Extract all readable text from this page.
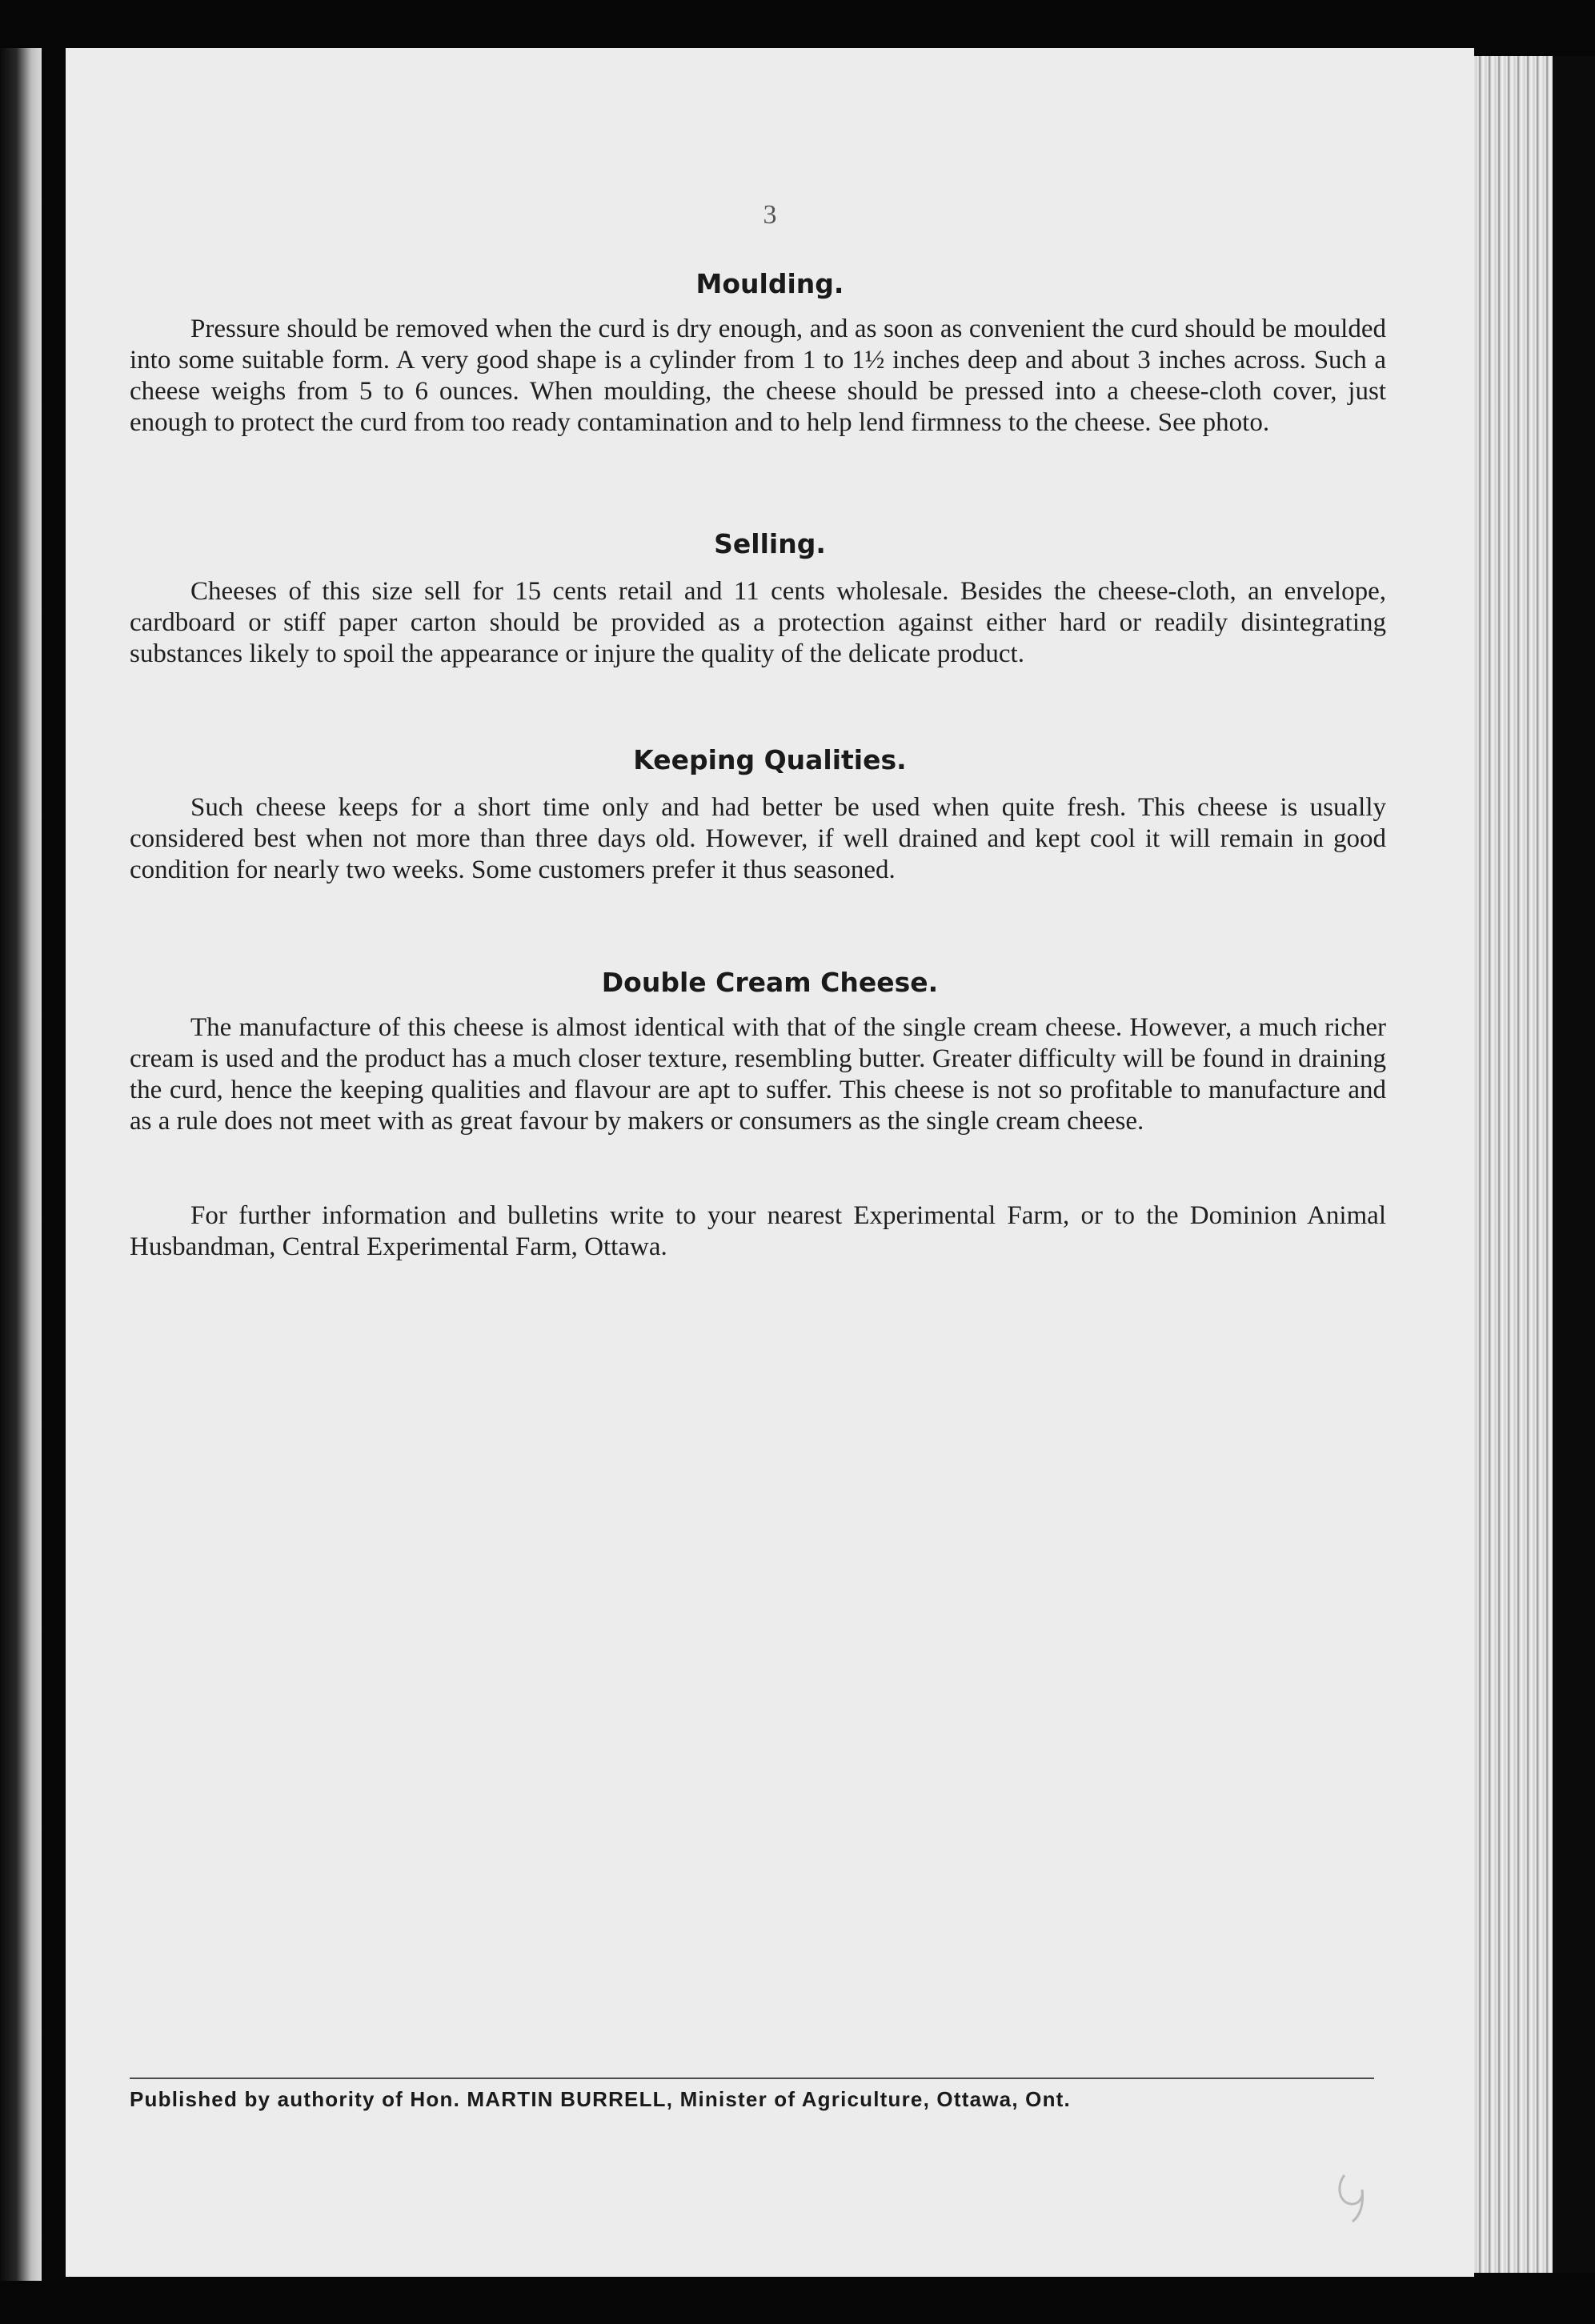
3
Moulding.

Pressure should be removed when the curd is dry enough, and as soon as convenient the curd should be moulded into some suitable form. A very good shape is a cylinder from 1 to 1½ inches deep and about 3 inches across. Such a cheese weighs from 5 to 6 ounces. When moulding, the cheese should be pressed into a cheese-cloth cover, just enough to protect the curd from too ready contamination and to help lend firmness to the cheese. See photo.

Selling.

Cheeses of this size sell for 15 cents retail and 11 cents wholesale. Besides the cheese-cloth, an envelope, cardboard or stiff paper carton should be provided as a protection against either hard or readily disintegrating substances likely to spoil the appearance or injure the quality of the delicate product.

Keeping Qualities.

Such cheese keeps for a short time only and had better be used when quite fresh. This cheese is usually considered best when not more than three days old. However, if well drained and kept cool it will remain in good condition for nearly two weeks. Some customers prefer it thus seasoned.

Double Cream Cheese.

The manufacture of this cheese is almost identical with that of the single cream cheese. However, a much richer cream is used and the product has a much closer texture, resembling butter. Greater difficulty will be found in draining the curd, hence the keeping qualities and flavour are apt to suffer. This cheese is not so profitable to manufacture and as a rule does not meet with as great favour by makers or consumers as the single cream cheese.

For further information and bulletins write to your nearest Experimental Farm, or to the Dominion Animal Husbandman, Central Experimental Farm, Ottawa.

Published by authority of Hon. MARTIN BURRELL, Minister of Agriculture, Ottawa, Ont.
